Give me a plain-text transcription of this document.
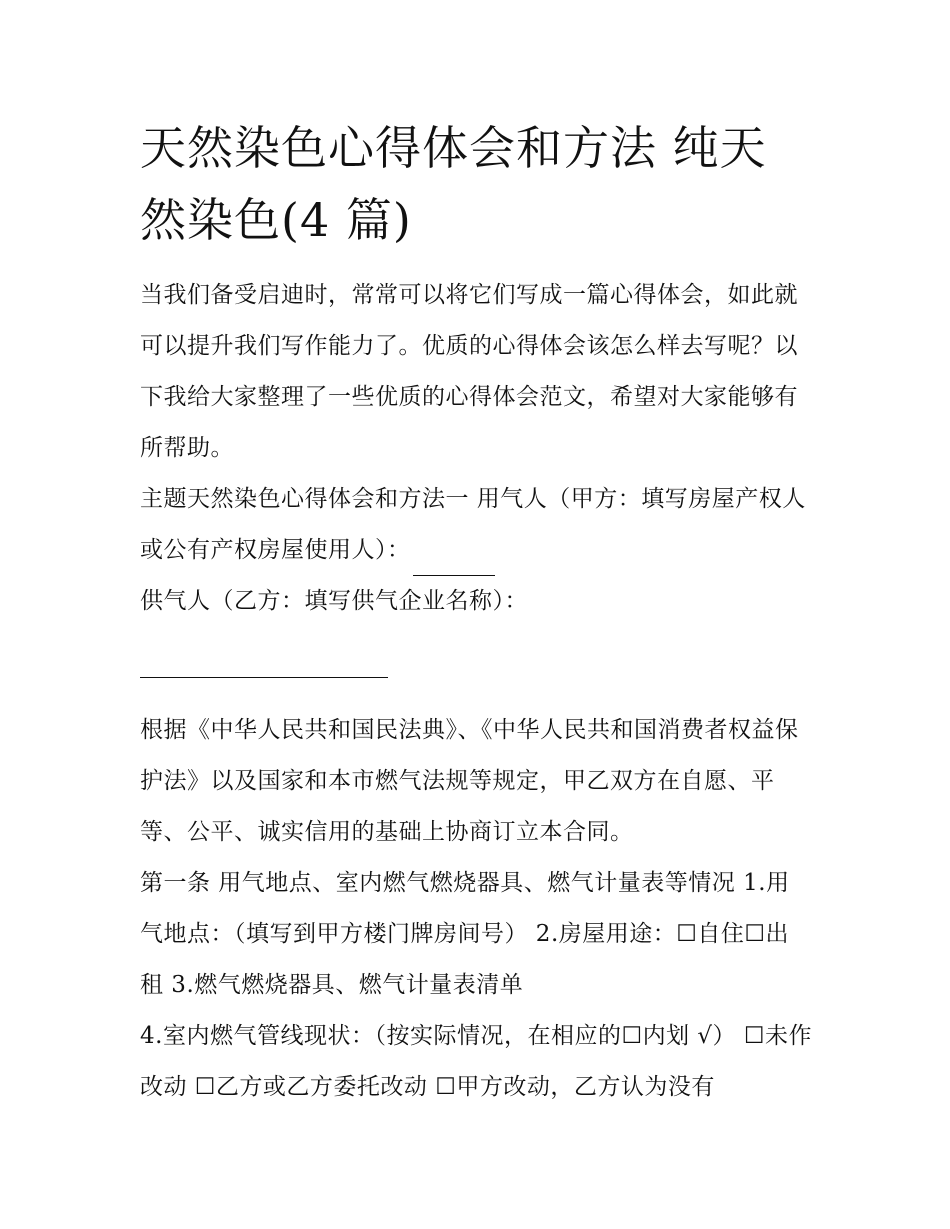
天然染色心得体会和方法 纯天然染色(4 篇)

当我们备受启迪时，常常可以将它们写成一篇心得体会，如此就可以提升我们写作能力了。优质的心得体会该怎么样去写呢？以下我给大家整理了一些优质的心得体会范文，希望对大家能够有所帮助。

主题天然染色心得体会和方法一 用气人（甲方：填写房屋产权人或公有产权房屋使用人）：

供气人（乙方：填写供气企业名称）：

根据《中华人民共和国民法典》、《中华人民共和国消费者权益保护法》以及国家和本市燃气法规等规定，甲乙双方在自愿、平等、公平、诚实信用的基础上协商订立本合同。

第一条 用气地点、室内燃气燃烧器具、燃气计量表等情况 1.用气地点：（填写到甲方楼门牌房间号） 2.房屋用途：☐自住☐出租 3.燃气燃烧器具、燃气计量表清单

4.室内燃气管线现状：（按实际情况，在相应的☐内划 √） ☐未作改动 ☐乙方或乙方委托改动 ☐甲方改动，乙方认为没有
